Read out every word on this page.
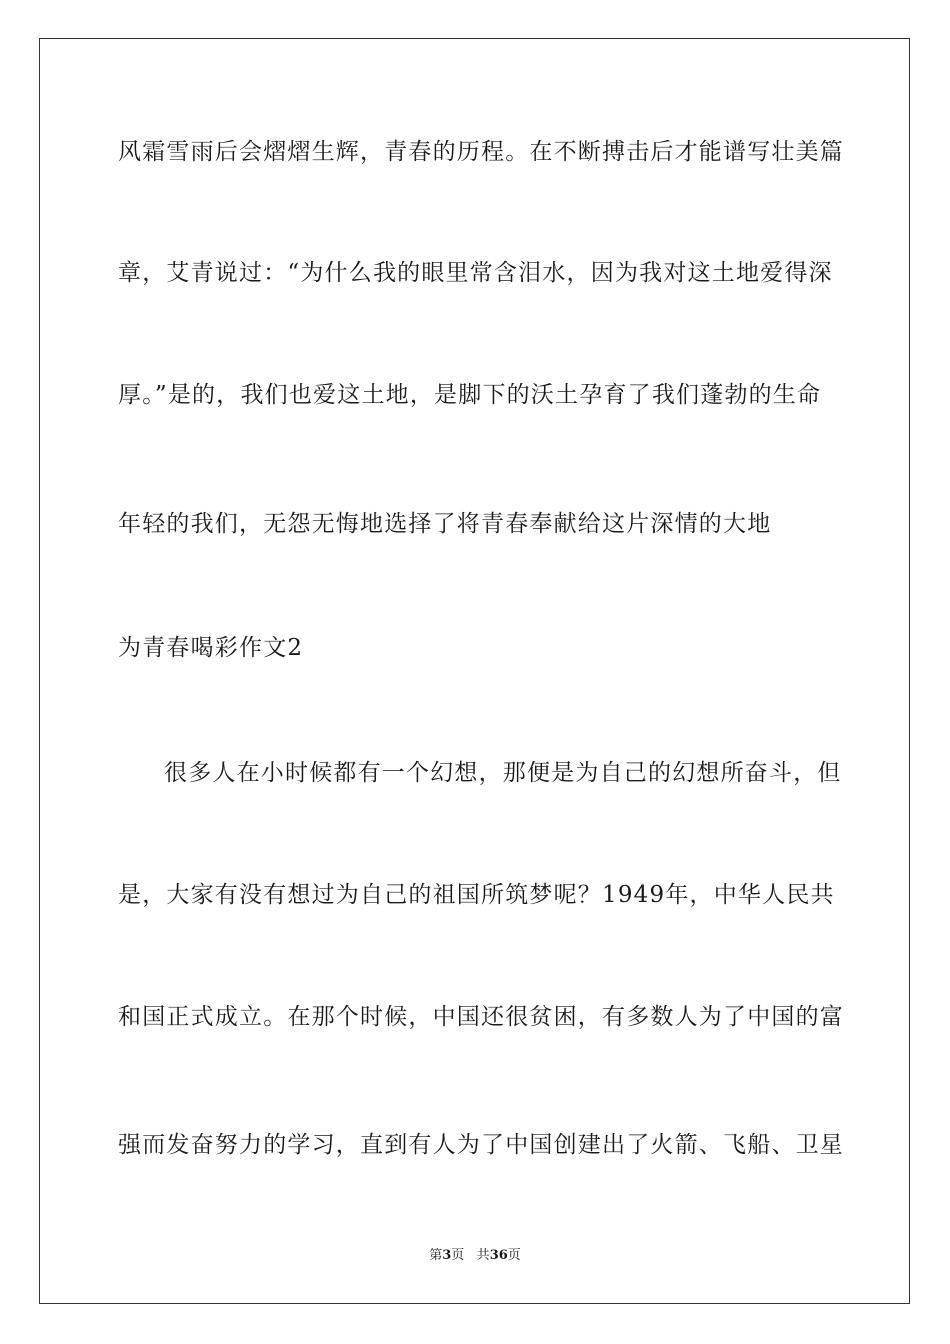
风霜雪雨后会熠熠生辉，青春的历程。在不断搏击后才能谱写壮美篇
章，艾青说过：“为什么我的眼里常含泪水，因为我对这土地爱得深
厚。”是的，我们也爱这土地，是脚下的沃土孕育了我们蓬勃的生命
年轻的我们，无怨无悔地选择了将青春奉献给这片深情的大地
为青春喝彩作文2
很多人在小时候都有一个幻想，那便是为自己的幻想所奋斗，但
是，大家有没有想过为自己的祖国所筑梦呢？1949年，中华人民共
和国正式成立。在那个时候，中国还很贫困，有多数人为了中国的富
强而发奋努力的学习，直到有人为了中国创建出了火箭、飞船、卫星
第3页 共36页
